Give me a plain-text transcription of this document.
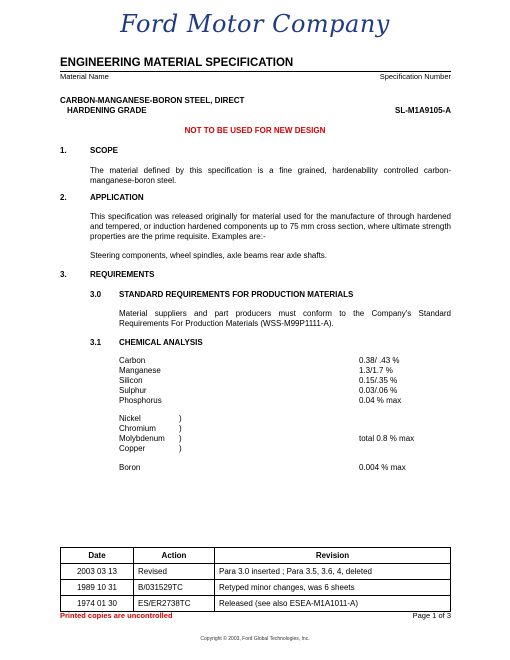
Ford Motor Company
ENGINEERING MATERIAL SPECIFICATION
Material Name	Specification Number
CARBON-MANGANESE-BORON STEEL, DIRECT
HARDENING GRADE	SL-M1A9105-A
NOT TO BE USED FOR NEW DESIGN
1.	SCOPE
The material defined by this specification is a fine grained, hardenability controlled carbon-manganese-boron steel.
2.	APPLICATION
This specification was released originally for material used for the manufacture of through hardened and tempered, or induction hardened components up to 75 mm cross section, where ultimate strength properties are the prime requisite. Examples are:-
Steering components, wheel spindles, axle beams rear axle shafts.
3.	REQUIREMENTS
3.0 STANDARD REQUIREMENTS FOR PRODUCTION MATERIALS
Material suppliers and part producers must conform to the Company's Standard Requirements For Production Materials (WSS-M99P1111-A).
3.1 CHEMICAL ANALYSIS
Carbon	0.38/ .43 %
Manganese	1.3/1.7 %
Silicon	0.15/.35 %
Sulphur	0.03/.06 %
Phosphorus	0.04 % max
Nickel	)
Chromium	)
Molybdenum )	total 0.8 % max
Copper	)
Boron	0.004 % max
Date	Action	Revision
2003 03 13	Revised	Para 3.0 inserted ; Para 3.5, 3.6, 4, deleted
1989 10 31	B/031529TC	Retyped minor changes, was 6 sheets
1974 01 30	ES/ER2738TC	Released (see also ESEA-M1A1011-A)
Printed copies are uncontrolled	Page 1 of 3
Copyright © 2003, Ford Global Technologies, Inc.
